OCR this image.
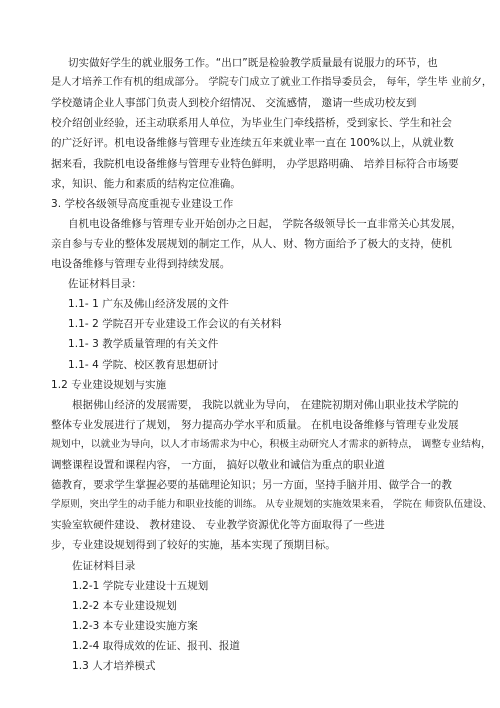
切实做好学生的就业服务工作。“出口”既是检验教学质量最有说服力的环节，也
是人才培养工作有机的组成部分。 学院专门成立了就业工作指导委员会， 每年，学生毕 业前夕，
学校邀请企业人事部门负责人到校介绍情况、 交流感情， 邀请一些成功校友到
校介绍创业经验，还主动联系用人单位，为毕业生门牵线搭桥，受到家长、学生和社会
的广泛好评。机电设备维修与管理专业连续五年来就业率一直在 100%以上，从就业数
据来看，我院机电设备维修与管理专业特色鲜明， 办学思路明确、 培养目标符合市场要
求，知识、能力和素质的结构定位准确。
3. 学校各级领导高度重视专业建设工作
自机电设备维修与管理专业开始创办之日起， 学院各级领导长一直非常关心其发展，
亲自参与专业的整体发展规划的制定工作，从人、财、物方面给予了极大的支持，使机
电设备维修与管理专业得到持续发展。
佐证材料目录：
1.1- 1 广东及佛山经济发展的文件
1.1- 2 学院召开专业建设工作会议的有关材料
1.1- 3 教学质量管理的有关文件
1.1- 4 学院、校区教育思想研讨
1.2 专业建设规划与实施
根据佛山经济的发展需要， 我院以就业为导向， 在建院初期对佛山职业技术学院的
整体专业发展进行了规划， 努力提高办学水平和质量。 在机电设备维修与管理专业发展
规划中，以就业为导向，以人才市场需求为中心，积极主动研究人才需求的新特点， 调整专业结构，
调整课程设置和课程内容， 一方面， 搞好以敬业和诚信为重点的职业道
德教育，要求学生掌握必要的基础理论知识；另一方面，坚持手脑并用、做学合一的教
学原则，突出学生的动手能力和职业技能的训练。 从专业规划的实施效果来看， 学院在 师资队伍建设、
实验室软硬件建设、 教材建设、 专业教学资源优化等方面取得了一些进
步，专业建设规划得到了较好的实施，基本实现了预期目标。
佐证材料目录
1.2-1 学院专业建设十五规划
1.2-2 本专业建设规划
1.2-3 本专业建设实施方案
1.2-4 取得成效的佐证、报刊、报道
1.3 人才培养模式
